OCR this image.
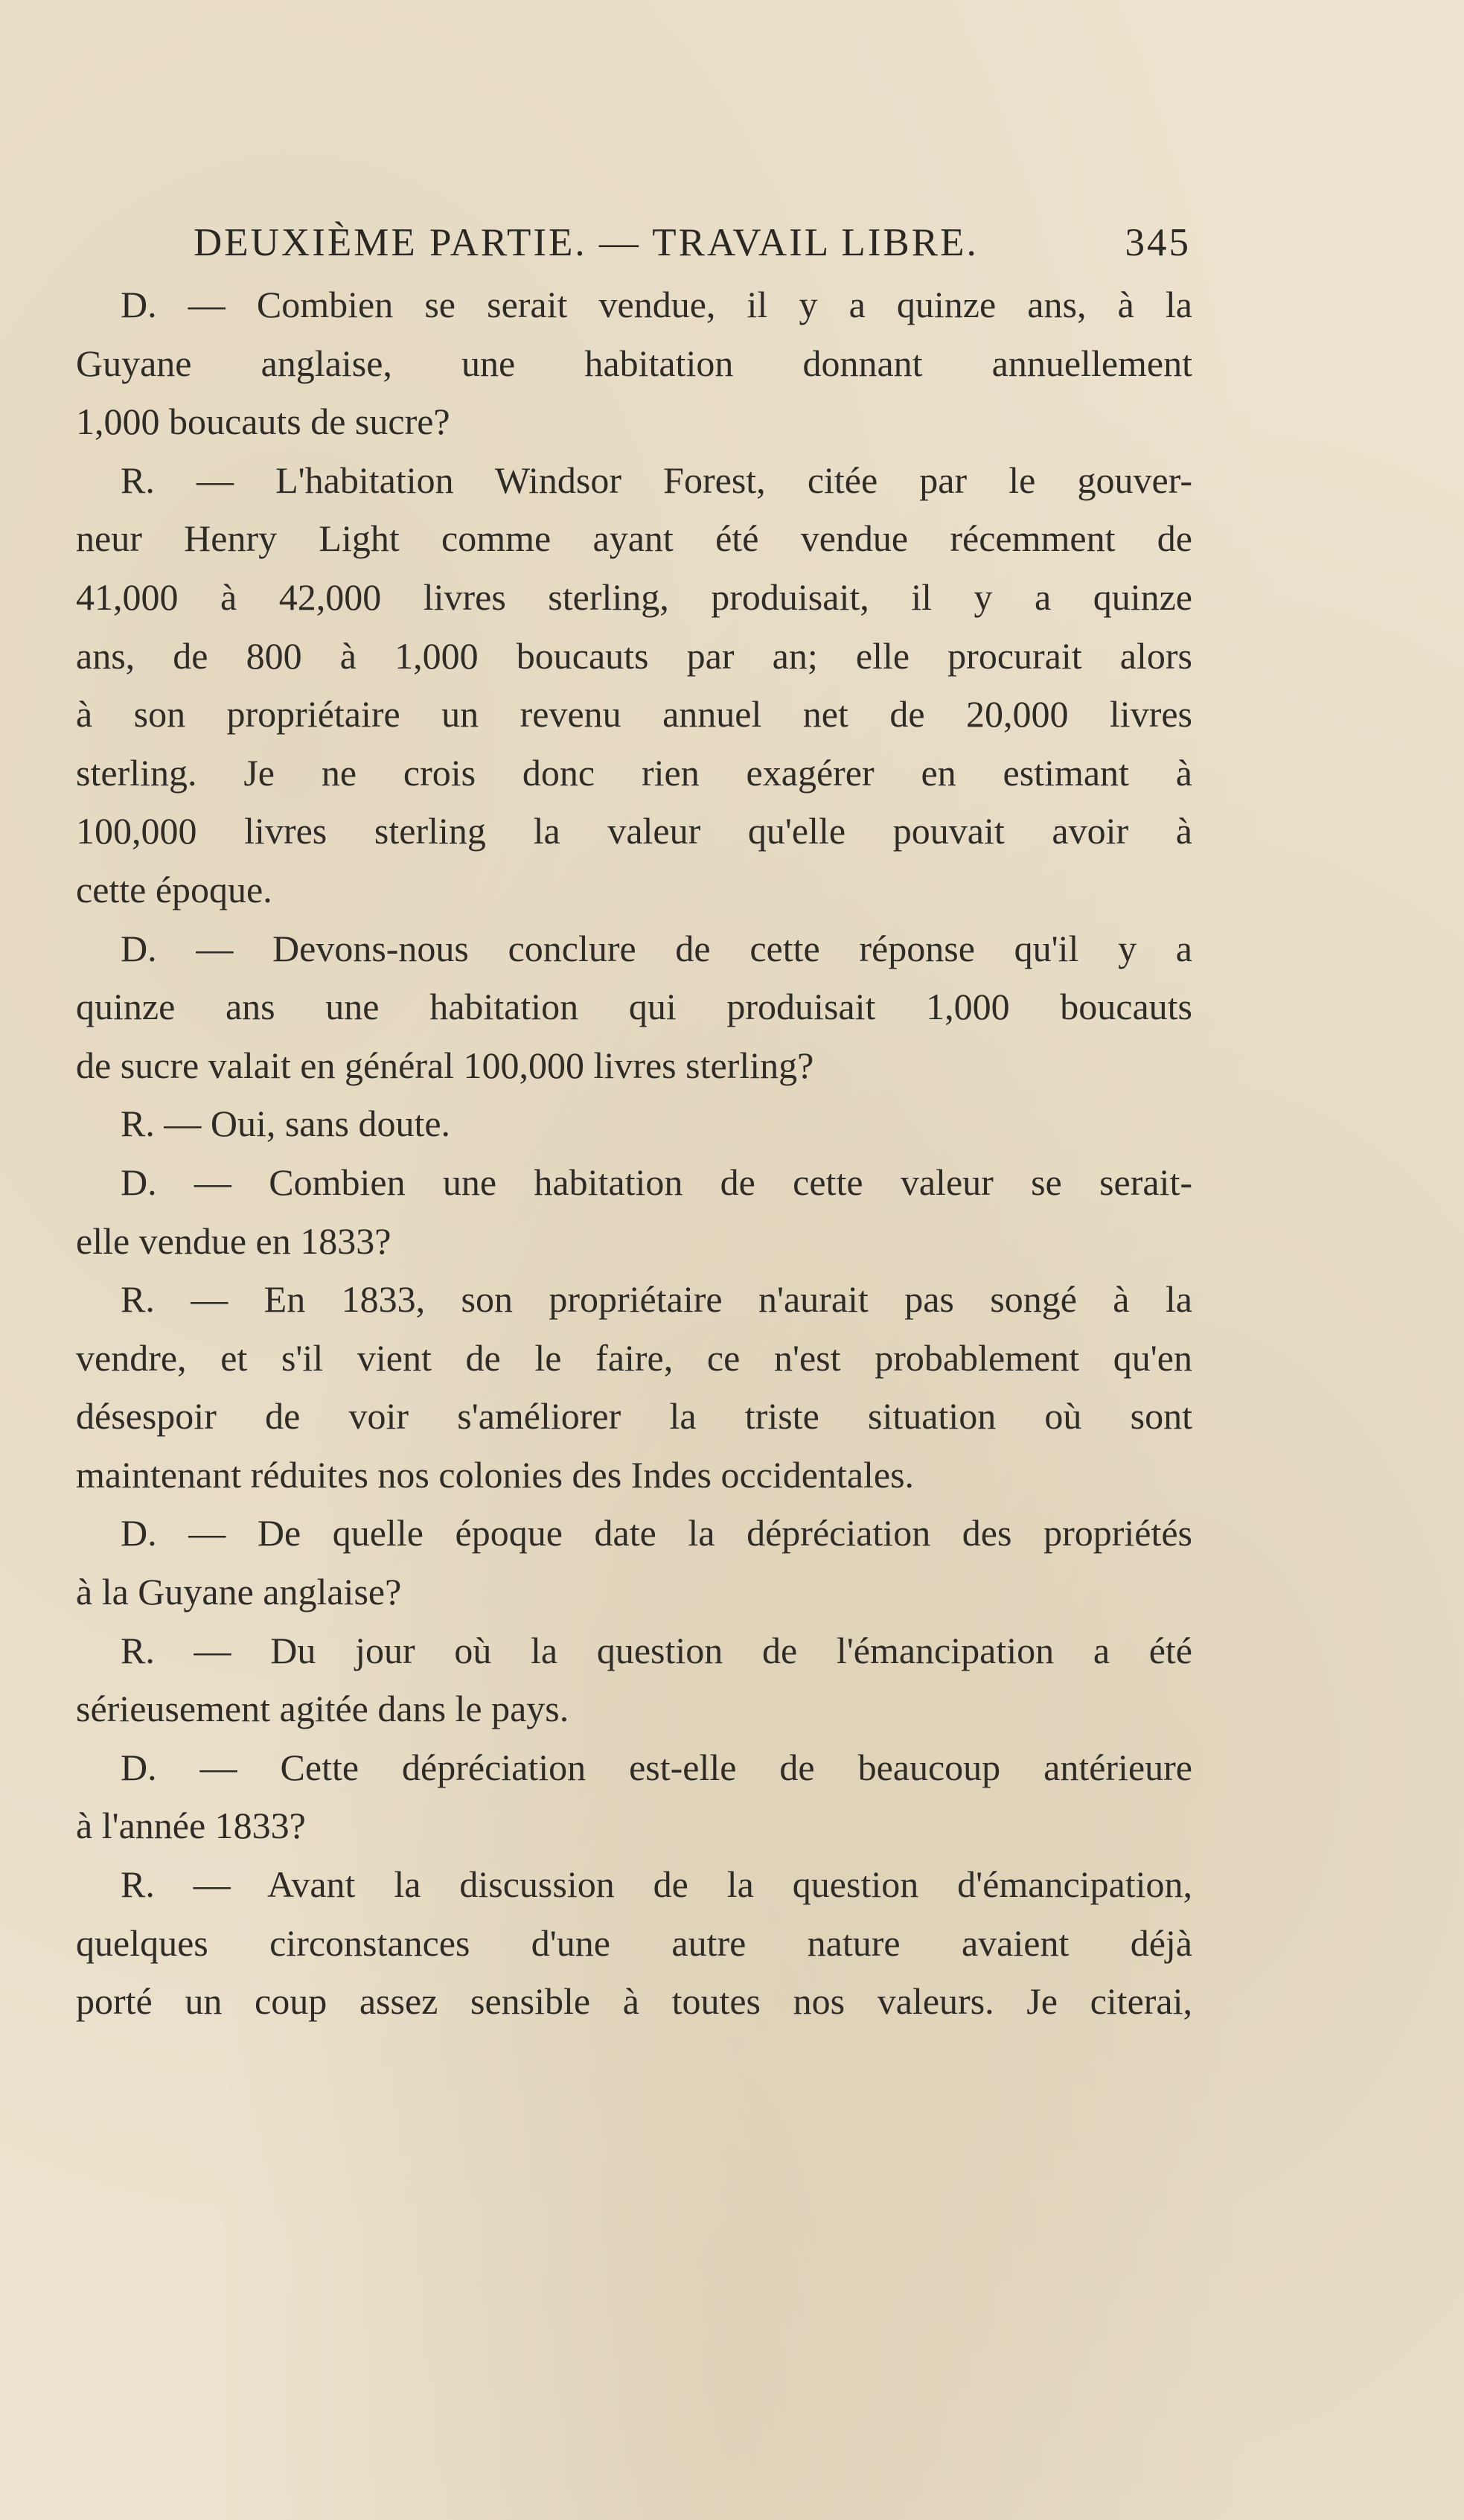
DEUXIÈME PARTIE. — TRAVAIL LIBRE.	345
D. — Combien se serait vendue, il y a quinze ans, à la
Guyane anglaise, une habitation donnant annuellement
1,000 boucauts de sucre?
R. — L'habitation Windsor Forest, citée par le gouver-
neur Henry Light comme ayant été vendue récemment de
41,000 à 42,000 livres sterling, produisait, il y a quinze
ans, de 800 à 1,000 boucauts par an; elle procurait alors
à son propriétaire un revenu annuel net de 20,000 livres
sterling. Je ne crois donc rien exagérer en estimant à
100,000 livres sterling la valeur qu'elle pouvait avoir à
cette époque.
D. — Devons-nous conclure de cette réponse qu'il y a
quinze ans une habitation qui produisait 1,000 boucauts
de sucre valait en général 100,000 livres sterling?
R. — Oui, sans doute.
D. — Combien une habitation de cette valeur se serait-
elle vendue en 1833?
R. — En 1833, son propriétaire n'aurait pas songé à la
vendre, et s'il vient de le faire, ce n'est probablement qu'en
désespoir de voir s'améliorer la triste situation où sont
maintenant réduites nos colonies des Indes occidentales.
D. — De quelle époque date la dépréciation des propriétés
à la Guyane anglaise?
R. — Du jour où la question de l'émancipation a été
sérieusement agitée dans le pays.
D. — Cette dépréciation est-elle de beaucoup antérieure
à l'année 1833?
R. — Avant la discussion de la question d'émancipation,
quelques circonstances d'une autre nature avaient déjà
porté un coup assez sensible à toutes nos valeurs. Je citerai,
